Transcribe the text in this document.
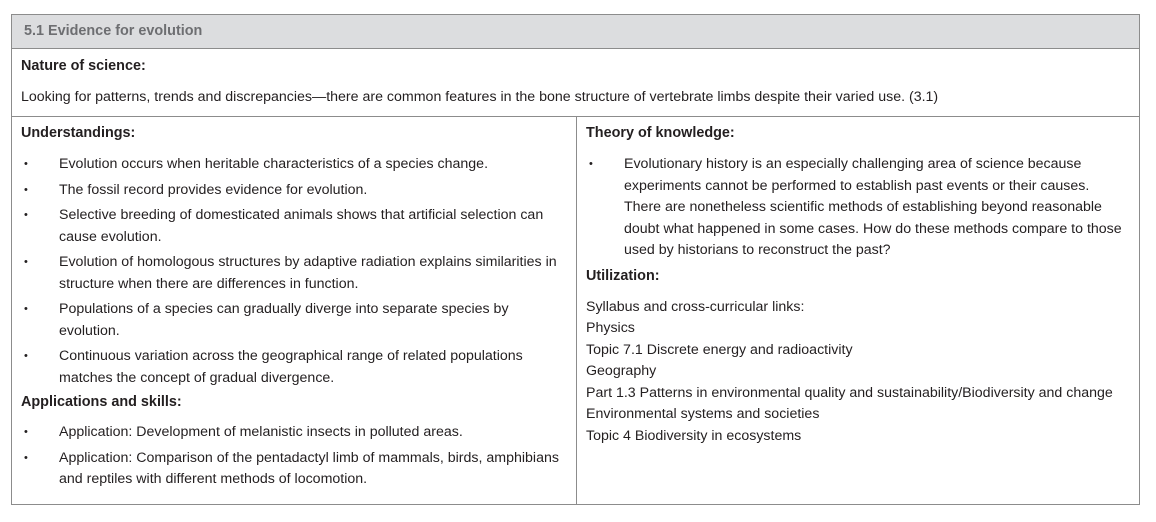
5.1 Evidence for evolution
Nature of science:
Looking for patterns, trends and discrepancies—there are common features in the bone structure of vertebrate limbs despite their varied use. (3.1)
Understandings:
• Evolution occurs when heritable characteristics of a species change.
• The fossil record provides evidence for evolution.
• Selective breeding of domesticated animals shows that artificial selection can cause evolution.
• Evolution of homologous structures by adaptive radiation explains similarities in structure when there are differences in function.
• Populations of a species can gradually diverge into separate species by evolution.
• Continuous variation across the geographical range of related populations matches the concept of gradual divergence.
Applications and skills:
• Application: Development of melanistic insects in polluted areas.
• Application: Comparison of the pentadactyl limb of mammals, birds, amphibians and reptiles with different methods of locomotion.
Theory of knowledge:
• Evolutionary history is an especially challenging area of science because experiments cannot be performed to establish past events or their causes. There are nonetheless scientific methods of establishing beyond reasonable doubt what happened in some cases. How do these methods compare to those used by historians to reconstruct the past?
Utilization:
Syllabus and cross-curricular links:
Physics
Topic 7.1 Discrete energy and radioactivity
Geography
Part 1.3 Patterns in environmental quality and sustainability/Biodiversity and change
Environmental systems and societies
Topic 4 Biodiversity in ecosystems
